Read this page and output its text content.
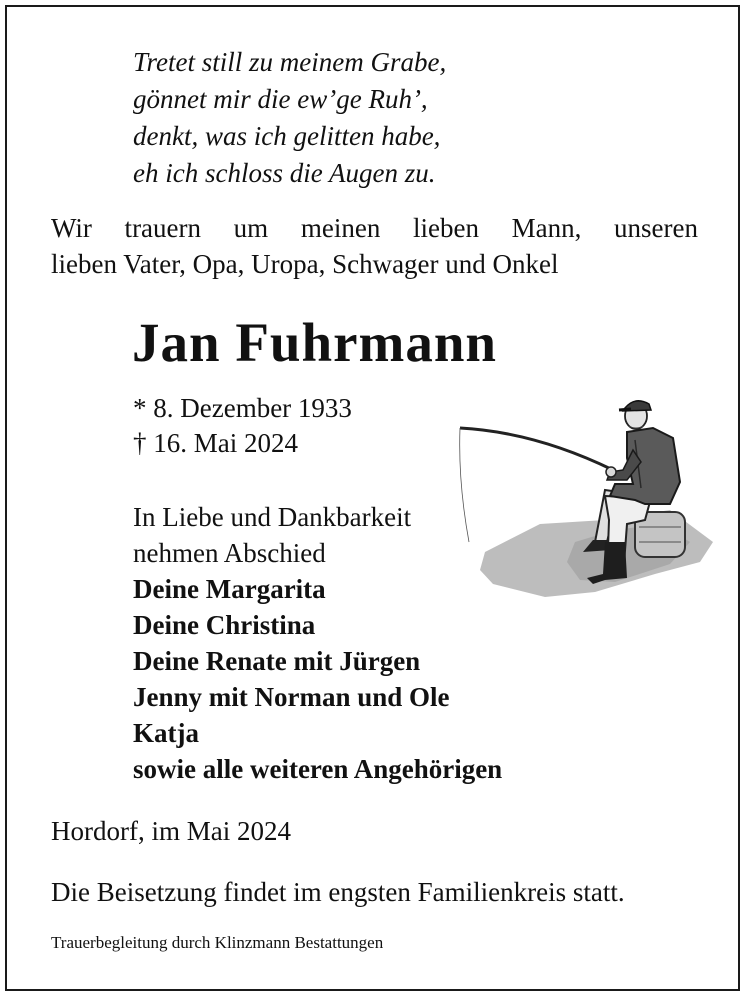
Tretet still zu meinem Grabe,
gönnet mir die ew’ge Ruh’,
denkt, was ich gelitten habe,
eh ich schloss die Augen zu.
Wir trauern um meinen lieben Mann, unseren
lieben Vater, Opa, Uropa, Schwager und Onkel
Jan Fuhrmann
* 8. Dezember 1933
† 16. Mai 2024
In Liebe und Dankbarkeit
nehmen Abschied
Deine Margarita
Deine Christina
Deine Renate mit Jürgen
Jenny mit Norman und Ole
Katja
sowie alle weiteren Angehörigen
Hordorf, im Mai 2024
Die Beisetzung findet im engsten Familienkreis statt.
Trauerbegleitung durch Klinzmann Bestattungen
